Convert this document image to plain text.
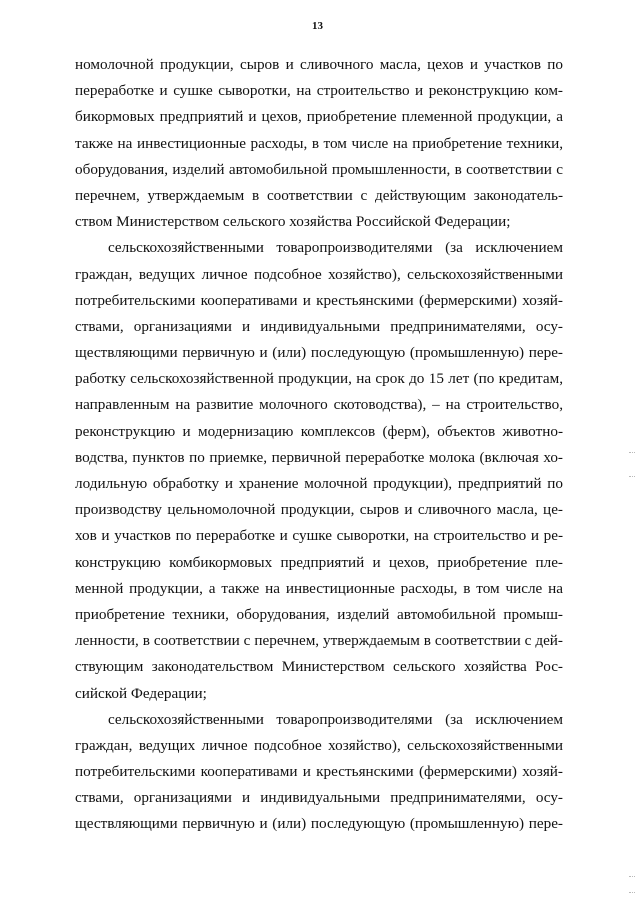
13
номолочной продукции, сыров и сливочного масла, цехов и участков по
переработке и сушке сыворотки, на строительство и реконструкцию ком-
бикормовых предприятий и цехов, приобретение племенной продукции, а
также на инвестиционные расходы, в том числе на приобретение техники,
оборудования, изделий автомобильной промышленности, в соответствии с
перечнем, утверждаемым в соответствии с действующим законодатель-
ством Министерством сельского хозяйства Российской Федерации;
сельскохозяйственными товаропроизводителями (за исключением
граждан, ведущих личное подсобное хозяйство), сельскохозяйственными
потребительскими кооперативами и крестьянскими (фермерскими) хозяй-
ствами, организациями и индивидуальными предпринимателями, осу-
ществляющими первичную и (или) последующую (промышленную) пере-
работку сельскохозяйственной продукции, на срок до 15 лет (по кредитам,
направленным на развитие молочного скотоводства), – на строительство,
реконструкцию и модернизацию комплексов (ферм), объектов животно-
водства, пунктов по приемке, первичной переработке молока (включая хо-
лодильную обработку и хранение молочной продукции), предприятий по
производству цельномолочной продукции, сыров и сливочного масла, це-
хов и участков по переработке и сушке сыворотки, на строительство и ре-
конструкцию комбикормовых предприятий и цехов, приобретение пле-
менной продукции, а также на инвестиционные расходы, в том числе на
приобретение техники, оборудования, изделий автомобильной промыш-
ленности, в соответствии с перечнем, утверждаемым в соответствии с дей-
ствующим законодательством Министерством сельского хозяйства Рос-
сийской Федерации;
сельскохозяйственными товаропроизводителями (за исключением
граждан, ведущих личное подсобное хозяйство), сельскохозяйственными
потребительскими кооперативами и крестьянскими (фермерскими) хозяй-
ствами, организациями и индивидуальными предпринимателями, осу-
ществляющими первичную и (или) последующую (промышленную) пере-
